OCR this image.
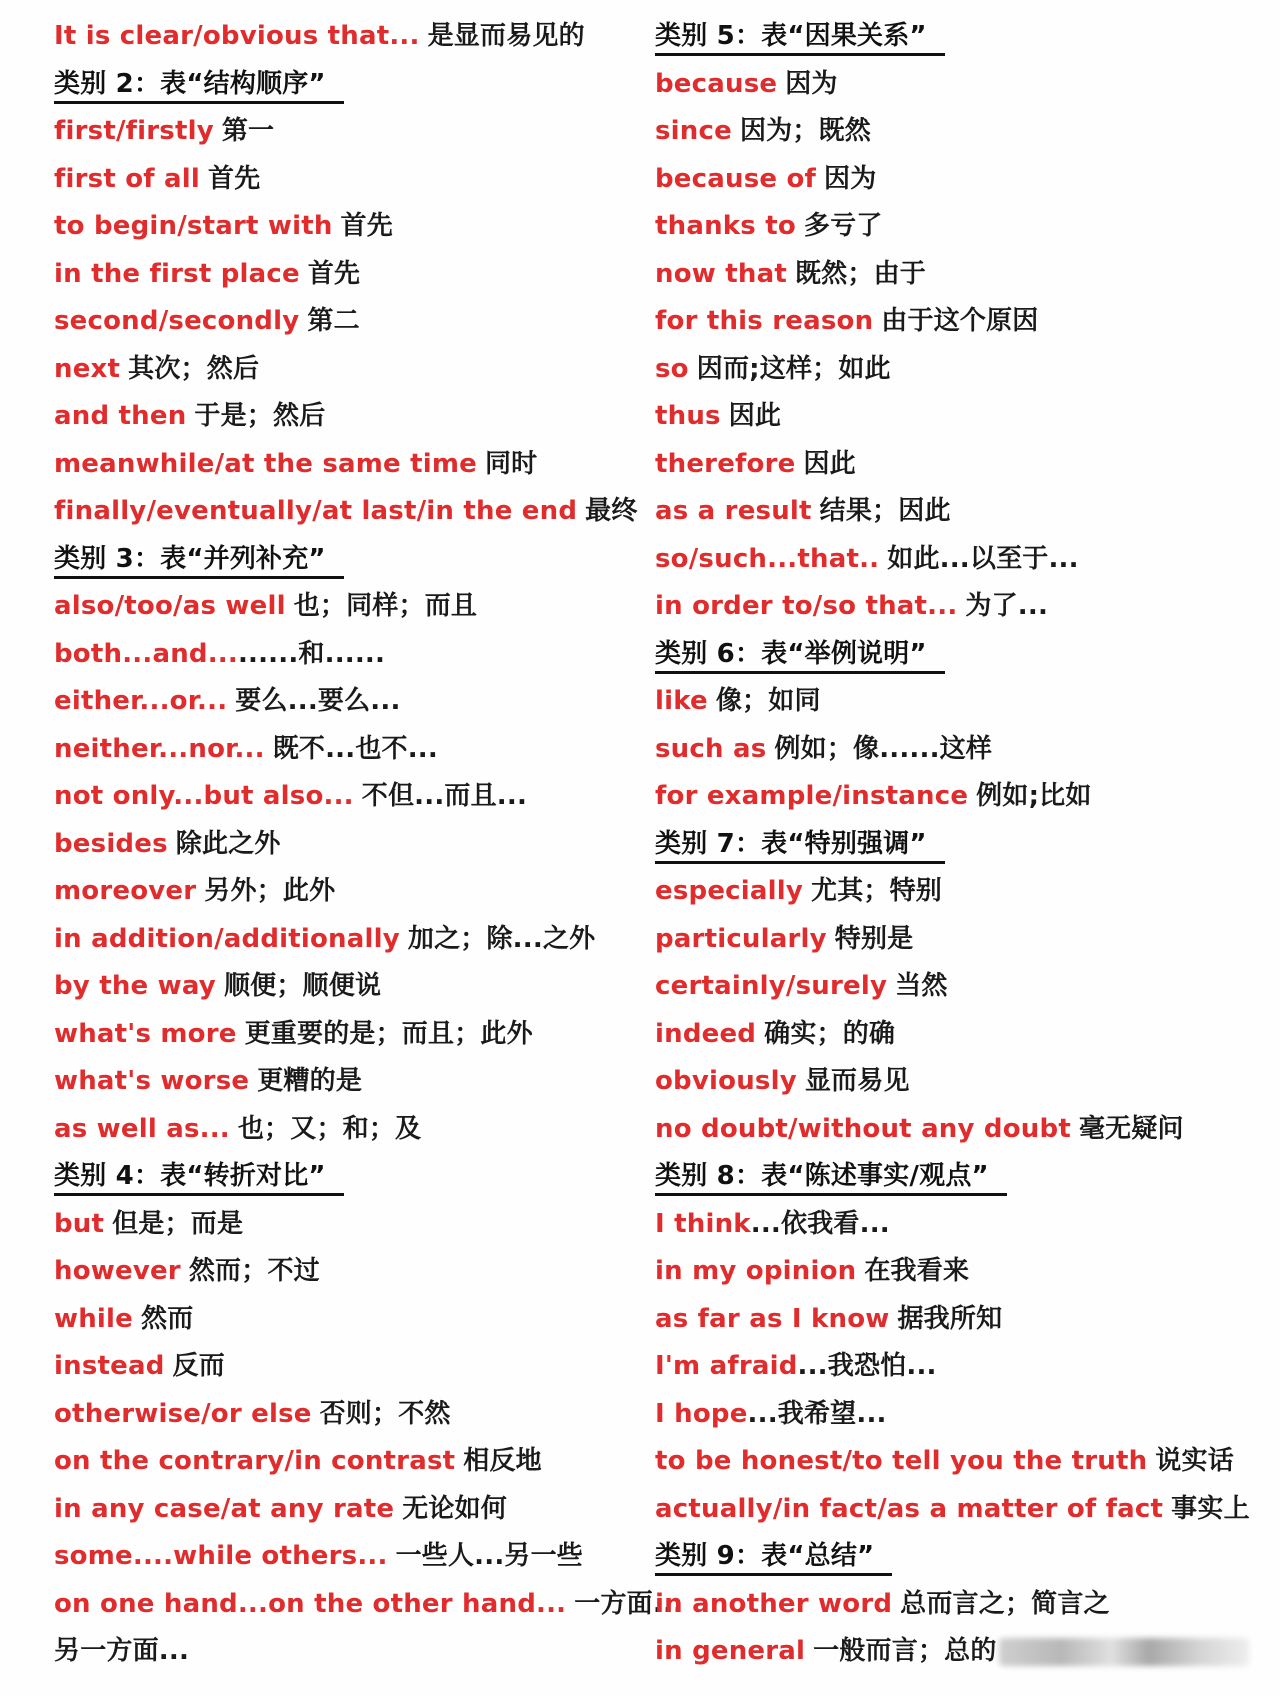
It is clear/obvious that... 是显而易见的
类别 2：表“结构顺序”
first/firstly 第一
first of all 首先
to begin/start with 首先
in the first place 首先
second/secondly 第二
next 其次；然后
and then 于是；然后
meanwhile/at the same time 同时
finally/eventually/at last/in the end 最终
类别 3：表“并列补充”
also/too/as well 也；同样；而且
both...and.........和......
either...or... 要么...要么...
neither...nor... 既不...也不...
not only...but also... 不但...而且...
besides 除此之外
moreover 另外；此外
in addition/additionally 加之；除...之外
by the way 顺便；顺便说
what's more 更重要的是；而且；此外
what's worse 更糟的是
as well as... 也；又；和；及
类别 4：表“转折对比”
but 但是；而是
however 然而；不过
while 然而
instead 反而
otherwise/or else 否则；不然
on the contrary/in contrast 相反地
in any case/at any rate 无论如何
some....while others... 一些人...另一些
on one hand...on the other hand... 一方面...
另一方面...
类别 5：表“因果关系”
because 因为
since 因为；既然
because of 因为
thanks to 多亏了
now that 既然；由于
for this reason 由于这个原因
so 因而;这样；如此
thus 因此
therefore 因此
as a result 结果；因此
so/such...that.. 如此...以至于...
in order to/so that... 为了...
类别 6：表“举例说明”
like 像；如同
such as 例如；像......这样
for example/instance 例如;比如
类别 7：表“特别强调”
especially 尤其；特别
particularly 特别是
certainly/surely 当然
indeed 确实；的确
obviously 显而易见
no doubt/without any doubt 毫无疑问
类别 8：表“陈述事实/观点”
I think...依我看...
in my opinion 在我看来
as far as I know 据我所知
I'm afraid...我恐怕...
I hope...我希望...
to be honest/to tell you the truth 说实话
actually/in fact/as a matter of fact 事实上
类别 9：表“总结”
in another word 总而言之；简言之
in general 一般而言；总的
